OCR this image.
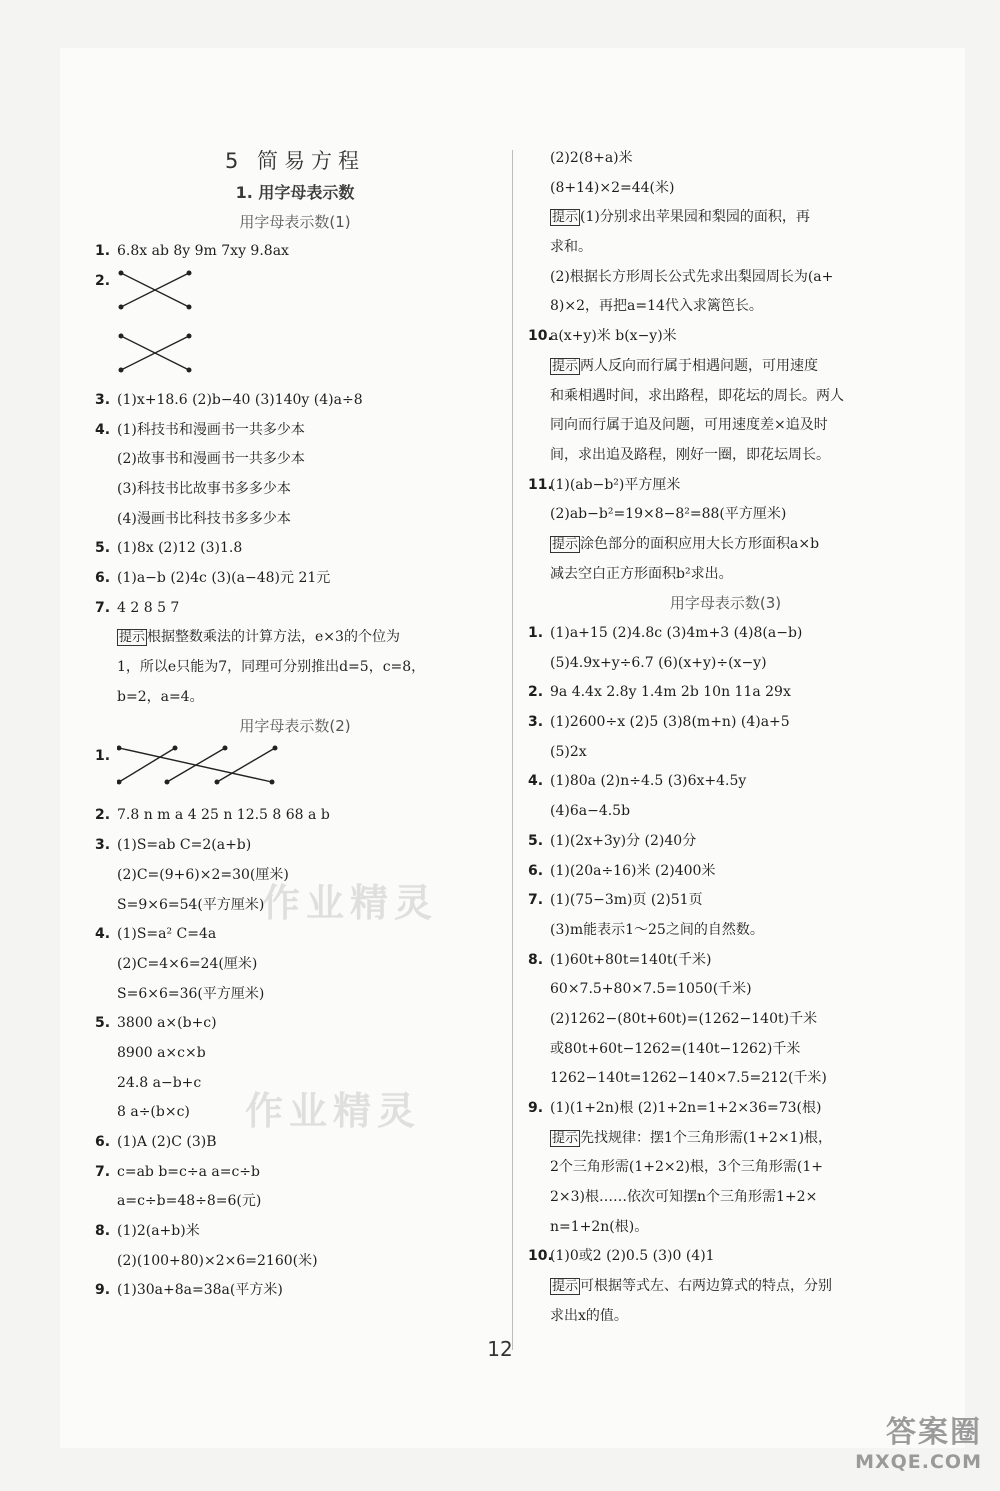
5 简易方程
1. 用字母表示数
用字母表示数(1)
1. 6.8x ab 8y 9m 7xy 9.8ax
2.
3. (1)x+18.6 (2)b−40 (3)140y (4)a÷8
4. (1)科技书和漫画书一共多少本
(2)故事书和漫画书一共多少本
(3)科技书比故事书多多少本
(4)漫画书比科技书多多少本
5. (1)8x (2)12 (3)1.8
6. (1)a−b (2)4c (3)(a−48)元 21元
7. 4 2 8 5 7
提示 根据整数乘法的计算方法，e×3的个位为
1，所以e只能为7，同理可分别推出d=5，c=8，
b=2，a=4。
用字母表示数(2)
1.
2. 7.8 n m a 4 25 n 12.5 8 68 a b
3. (1)S=ab C=2(a+b)
(2)C=(9+6)×2=30(厘米)
S=9×6=54(平方厘米)
4. (1)S=a² C=4a
(2)C=4×6=24(厘米)
S=6×6=36(平方厘米)
5. 3800 a×(b+c)
8900 a×c×b
24.8 a−b+c
8 a÷(b×c)
6. (1)A (2)C (3)B
7. c=ab b=c÷a a=c÷b
a=c÷b=48÷8=6(元)
8. (1)2(a+b)米
(2)(100+80)×2×6=2160(米)
9. (1)30a+8a=38a(平方米)
(2)2(8+a)米
(8+14)×2=44(米)
提示 (1)分别求出苹果园和梨园的面积，再
求和。
(2)根据长方形周长公式先求出梨园周长为(a+
8)×2，再把a=14代入求篱笆长。
10.a(x+y)米 b(x−y)米
提示 两人反向而行属于相遇问题，可用速度
和乘相遇时间，求出路程，即花坛的周长。两人
同向而行属于追及问题，可用速度差×追及时
间，求出追及路程，刚好一圈，即花坛周长。
11.(1)(ab−b²)平方厘米
(2)ab−b²=19×8−8²=88(平方厘米)
提示 涂色部分的面积应用大长方形面积a×b
减去空白正方形面积b²求出。
用字母表示数(3)
1. (1)a+15 (2)4.8c (3)4m+3 (4)8(a−b)
(5)4.9x+y÷6.7 (6)(x+y)÷(x−y)
2. 9a 4.4x 2.8y 1.4m 2b 10n 11a 29x
3. (1)2600÷x (2)5 (3)8(m+n) (4)a+5
(5)2x
4. (1)80a (2)n÷4.5 (3)6x+4.5y
(4)6a−4.5b
5. (1)(2x+3y)分 (2)40分
6. (1)(20a÷16)米 (2)400米
7. (1)(75−3m)页 (2)51页
(3)m能表示1～25之间的自然数。
8. (1)60t+80t=140t(千米)
60×7.5+80×7.5=1050(千米)
(2)1262−(80t+60t)=(1262−140t)千米
或80t+60t−1262=(140t−1262)千米
1262−140t=1262−140×7.5=212(千米)
9. (1)(1+2n)根 (2)1+2n=1+2×36=73(根)
提示 先找规律：摆1个三角形需(1+2×1)根，
2个三角形需(1+2×2)根，3个三角形需(1+
2×3)根……依次可知摆n个三角形需1+2×
n=1+2n(根)。
10.(1)0或2 (2)0.5 (3)0 (4)1
提示 可根据等式左、右两边算式的特点，分别
求出x的值。
作业精灵
作业精灵
12
答案圈
MXQE.COM
